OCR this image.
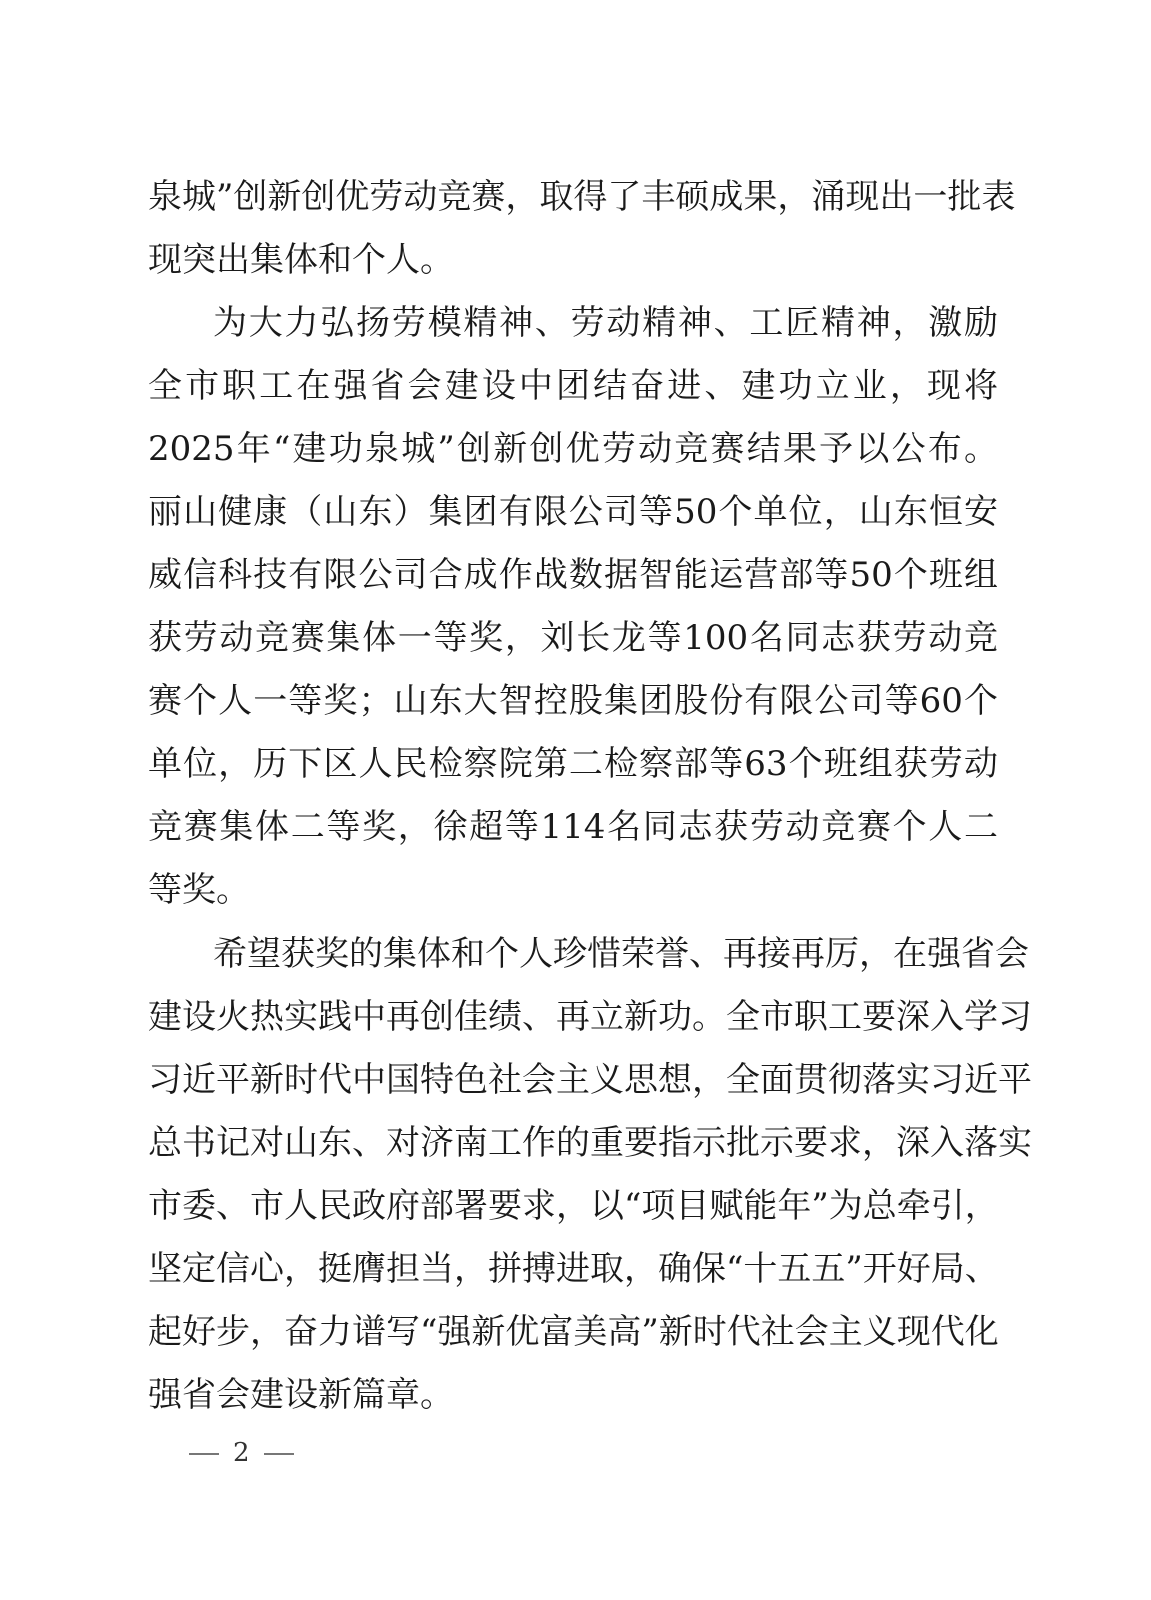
泉城”创新创优劳动竞赛，取得了丰硕成果，涌现出一批表
现突出集体和个人。
为大力弘扬劳模精神、劳动精神、工匠精神，激励
全市职工在强省会建设中团结奋进、建功立业，现将
2025年“建功泉城”创新创优劳动竞赛结果予以公布。
丽山健康（山东）集团有限公司等50个单位，山东恒安
威信科技有限公司合成作战数据智能运营部等50个班组
获劳动竞赛集体一等奖，刘长龙等100名同志获劳动竞
赛个人一等奖；山东大智控股集团股份有限公司等60个
单位，历下区人民检察院第二检察部等63个班组获劳动
竞赛集体二等奖，徐超等114名同志获劳动竞赛个人二
等奖。
希望获奖的集体和个人珍惜荣誉、再接再厉，在强省会
建设火热实践中再创佳绩、再立新功。全市职工要深入学习
习近平新时代中国特色社会主义思想，全面贯彻落实习近平
总书记对山东、对济南工作的重要指示批示要求，深入落实
市委、市人民政府部署要求，以“项目赋能年”为总牵引，
坚定信心，挺膺担当，拼搏进取，确保“十五五”开好局、
起好步，奋力谱写“强新优富美高”新时代社会主义现代化
强省会建设新篇章。
2
